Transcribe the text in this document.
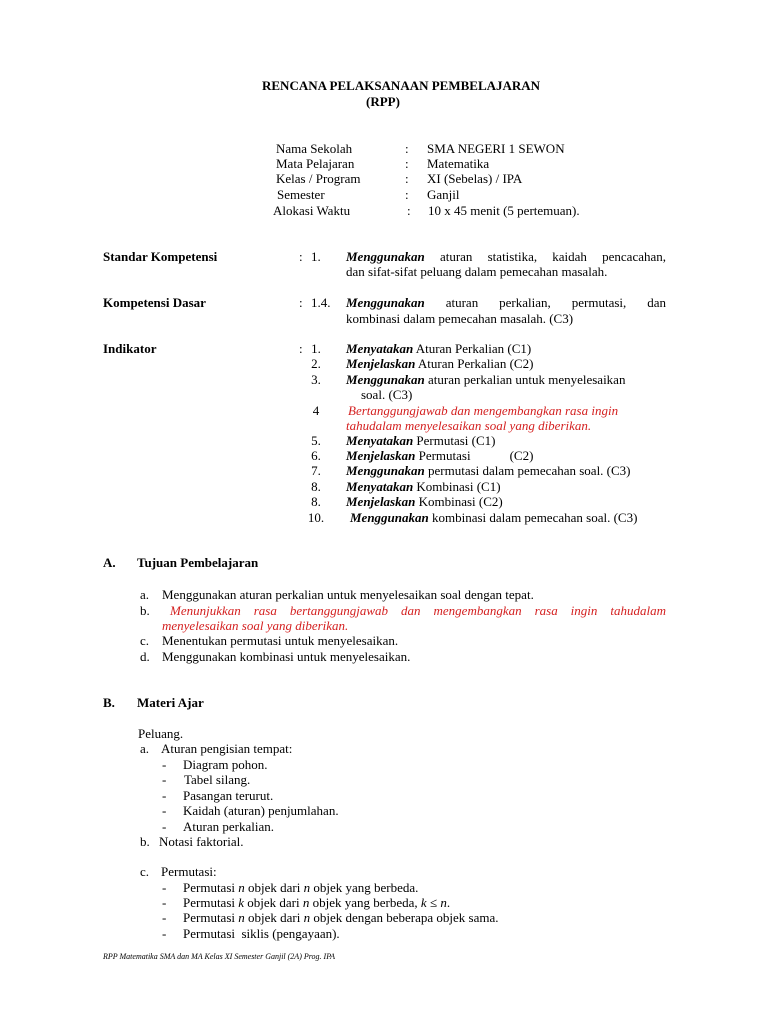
RENCANA PELAKSANAAN PEMBELAJARAN
(RPP)
Nama Sekolah	: SMA NEGERI 1 SEWON
Mata Pelajaran	: Matematika
Kelas / Program	: XI (Sebelas) / IPA
Semester	: Ganjil
Alokasi Waktu	: 10 x 45 menit (5 pertemuan).
Standar Kompetensi	: 1. Menggunakan aturan statistika, kaidah pencacahan,
dan sifat-sifat peluang dalam pemecahan masalah.
Kompetensi Dasar	: 1.4. Menggunakan aturan perkalian, permutasi, dan
kombinasi dalam pemecahan masalah. (C3)
Indikator	: 1.	Menyatakan Aturan Perkalian (C1)
2.	Menjelaskan Aturan Perkalian (C2)
3.	Menggunakan aturan perkalian untuk menyelesaikan
soal. (C3)
4	Bertanggungjawab dan mengembangkan rasa ingin
tahudalam menyelesaikan soal yang diberikan.
5.	Menyatakan Permutasi (C1)
6.	Menjelaskan Permutasi            (C2)
7.	Menggunakan permutasi dalam pemecahan soal. (C3)
8.	Menyatakan Kombinasi (C1)
8.	Menjelaskan Kombinasi (C2)
10. Menggunakan kombinasi dalam pemecahan soal. (C3)
A. Tujuan Pembelajaran
a. Menggunakan aturan perkalian untuk menyelesaikan soal dengan tepat.
b. Menunjukkan rasa bertanggungjawab dan mengembangkan rasa ingin tahudalam
menyelesaikan soal yang diberikan.
c. Menentukan permutasi untuk menyelesaikan.
d. Menggunakan kombinasi untuk menyelesaikan.
B. Materi Ajar
Peluang.
a. Aturan pengisian tempat:
- Diagram pohon.
- Tabel silang.
- Pasangan terurut.
- Kaidah (aturan) penjumlahan.
- Aturan perkalian.
b. Notasi faktorial.
c. Permutasi:
- Permutasi n objek dari n objek yang berbeda.
- Permutasi k objek dari n objek yang berbeda, k ≤ n.
- Permutasi n objek dari n objek dengan beberapa objek sama.
- Permutasi  siklis (pengayaan).
RPP Matematika SMA dan MA Kelas XI Semester Ganjil (2A) Prog. IPA
